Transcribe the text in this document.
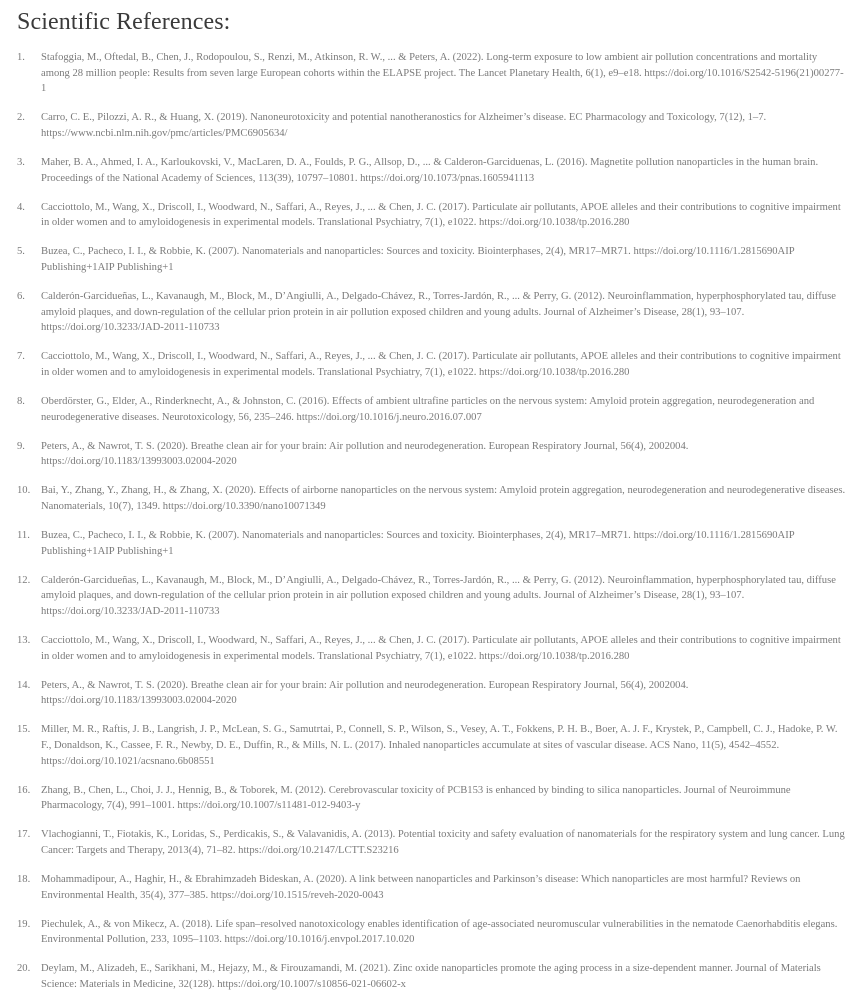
Scientific References:
1.	Stafoggia, M., Oftedal, B., Chen, J., Rodopoulou, S., Renzi, M., Atkinson, R. W., ... & Peters, A. (2022). Long-term exposure to low ambient air pollution concentrations and mortality among 28 million people: Results from seven large European cohorts within the ELAPSE project. The Lancet Planetary Health, 6(1), e9–e18. https://doi.org/10.1016/S2542-5196(21)00277-1
2.	Carro, C. E., Pilozzi, A. R., & Huang, X. (2019). Nanoneurotoxicity and potential nanotheranostics for Alzheimer’s disease. EC Pharmacology and Toxicology, 7(12), 1–7. https://www.ncbi.nlm.nih.gov/pmc/articles/PMC6905634/
3.	Maher, B. A., Ahmed, I. A., Karloukovski, V., MacLaren, D. A., Foulds, P. G., Allsop, D., ... & Calderon-Garciduenas, L. (2016). Magnetite pollution nanoparticles in the human brain. Proceedings of the National Academy of Sciences, 113(39), 10797–10801. https://doi.org/10.1073/pnas.1605941113
4.	Cacciottolo, M., Wang, X., Driscoll, I., Woodward, N., Saffari, A., Reyes, J., ... & Chen, J. C. (2017). Particulate air pollutants, APOE alleles and their contributions to cognitive impairment in older women and to amyloidogenesis in experimental models. Translational Psychiatry, 7(1), e1022. https://doi.org/10.1038/tp.2016.280
5.	Buzea, C., Pacheco, I. I., & Robbie, K. (2007). Nanomaterials and nanoparticles: Sources and toxicity. Biointerphases, 2(4), MR17–MR71. https://doi.org/10.1116/1.2815690AIP Publishing+1AIP Publishing+1
6.	Calderón-Garcidueñas, L., Kavanaugh, M., Block, M., D’Angiulli, A., Delgado-Chávez, R., Torres-Jardón, R., ... & Perry, G. (2012). Neuroinflammation, hyperphosphorylated tau, diffuse amyloid plaques, and down-regulation of the cellular prion protein in air pollution exposed children and young adults. Journal of Alzheimer’s Disease, 28(1), 93–107. https://doi.org/10.3233/JAD-2011-110733
7.	Cacciottolo, M., Wang, X., Driscoll, I., Woodward, N., Saffari, A., Reyes, J., ... & Chen, J. C. (2017). Particulate air pollutants, APOE alleles and their contributions to cognitive impairment in older women and to amyloidogenesis in experimental models. Translational Psychiatry, 7(1), e1022. https://doi.org/10.1038/tp.2016.280
8.	Oberdörster, G., Elder, A., Rinderknecht, A., & Johnston, C. (2016). Effects of ambient ultrafine particles on the nervous system: Amyloid protein aggregation, neurodegeneration and neurodegenerative diseases. Neurotoxicology, 56, 235–246. https://doi.org/10.1016/j.neuro.2016.07.007
9.	Peters, A., & Nawrot, T. S. (2020). Breathe clean air for your brain: Air pollution and neurodegeneration. European Respiratory Journal, 56(4), 2002004. https://doi.org/10.1183/13993003.02004-2020
10.	Bai, Y., Zhang, Y., Zhang, H., & Zhang, X. (2020). Effects of airborne nanoparticles on the nervous system: Amyloid protein aggregation, neurodegeneration and neurodegenerative diseases. Nanomaterials, 10(7), 1349. https://doi.org/10.3390/nano10071349
11.	Buzea, C., Pacheco, I. I., & Robbie, K. (2007). Nanomaterials and nanoparticles: Sources and toxicity. Biointerphases, 2(4), MR17–MR71. https://doi.org/10.1116/1.2815690AIP Publishing+1AIP Publishing+1
12.	Calderón-Garcidueñas, L., Kavanaugh, M., Block, M., D’Angiulli, A., Delgado-Chávez, R., Torres-Jardón, R., ... & Perry, G. (2012). Neuroinflammation, hyperphosphorylated tau, diffuse amyloid plaques, and down-regulation of the cellular prion protein in air pollution exposed children and young adults. Journal of Alzheimer’s Disease, 28(1), 93–107. https://doi.org/10.3233/JAD-2011-110733
13.	Cacciottolo, M., Wang, X., Driscoll, I., Woodward, N., Saffari, A., Reyes, J., ... & Chen, J. C. (2017). Particulate air pollutants, APOE alleles and their contributions to cognitive impairment in older women and to amyloidogenesis in experimental models. Translational Psychiatry, 7(1), e1022. https://doi.org/10.1038/tp.2016.280
14.	Peters, A., & Nawrot, T. S. (2020). Breathe clean air for your brain: Air pollution and neurodegeneration. European Respiratory Journal, 56(4), 2002004. https://doi.org/10.1183/13993003.02004-2020
15.	Miller, M. R., Raftis, J. B., Langrish, J. P., McLean, S. G., Samutrtai, P., Connell, S. P., Wilson, S., Vesey, A. T., Fokkens, P. H. B., Boer, A. J. F., Krystek, P., Campbell, C. J., Hadoke, P. W. F., Donaldson, K., Cassee, F. R., Newby, D. E., Duffin, R., & Mills, N. L. (2017). Inhaled nanoparticles accumulate at sites of vascular disease. ACS Nano, 11(5), 4542–4552. https://doi.org/10.1021/acsnano.6b08551
16.	Zhang, B., Chen, L., Choi, J. J., Hennig, B., & Toborek, M. (2012). Cerebrovascular toxicity of PCB153 is enhanced by binding to silica nanoparticles. Journal of Neuroimmune Pharmacology, 7(4), 991–1001. https://doi.org/10.1007/s11481-012-9403-y
17.	Vlachogianni, T., Fiotakis, K., Loridas, S., Perdicakis, S., & Valavanidis, A. (2013). Potential toxicity and safety evaluation of nanomaterials for the respiratory system and lung cancer. Lung Cancer: Targets and Therapy, 2013(4), 71–82. https://doi.org/10.2147/LCTT.S23216
18.	Mohammadipour, A., Haghir, H., & Ebrahimzadeh Bideskan, A. (2020). A link between nanoparticles and Parkinson’s disease: Which nanoparticles are most harmful? Reviews on Environmental Health, 35(4), 377–385. https://doi.org/10.1515/reveh-2020-0043
19.	Piechulek, A., & von Mikecz, A. (2018). Life span–resolved nanotoxicology enables identification of age-associated neuromuscular vulnerabilities in the nematode Caenorhabditis elegans. Environmental Pollution, 233, 1095–1103. https://doi.org/10.1016/j.envpol.2017.10.020
20.	Deylam, M., Alizadeh, E., Sarikhani, M., Hejazy, M., & Firouzamandi, M. (2021). Zinc oxide nanoparticles promote the aging process in a size-dependent manner. Journal of Materials Science: Materials in Medicine, 32(128). https://doi.org/10.1007/s10856-021-06602-x
